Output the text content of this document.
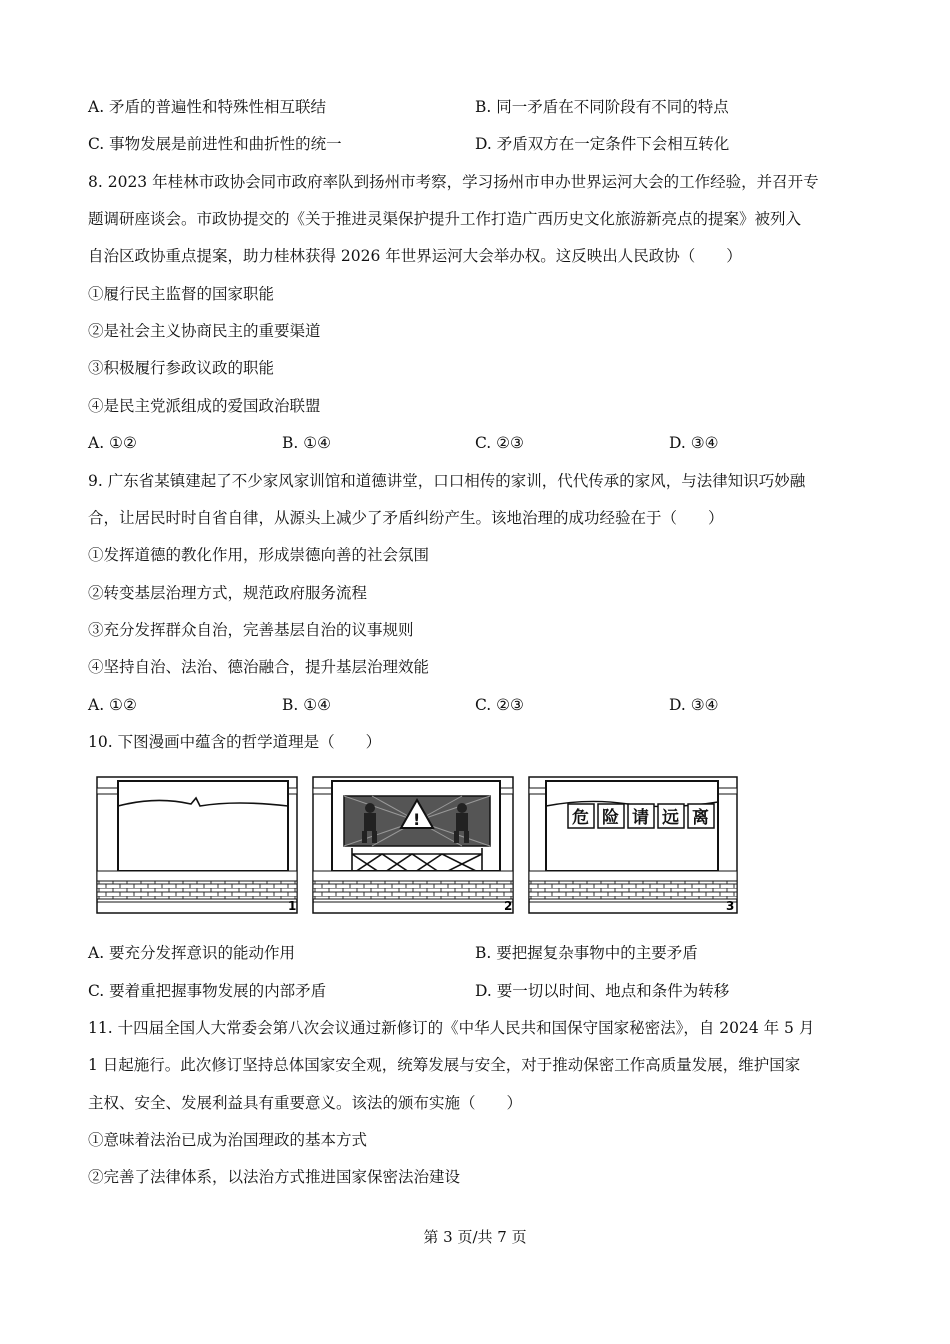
A. 矛盾的普遍性和特殊性相互联结	B. 同一矛盾在不同阶段有不同的特点
C. 事物发展是前进性和曲折性的统一	D. 矛盾双方在一定条件下会相互转化
8. 2023 年桂林市政协会同市政府率队到扬州市考察，学习扬州市申办世界运河大会的工作经验，并召开专
题调研座谈会。市政协提交的《关于推进灵渠保护提升工作打造广西历史文化旅游新亮点的提案》被列入
自治区政协重点提案，助力桂林获得 2026 年世界运河大会举办权。这反映出人民政协（　　）
①履行民主监督的国家职能
②是社会主义协商民主的重要渠道
③积极履行参政议政的职能
④是民主党派组成的爱国政治联盟
A. ①②	B. ①④	C. ②③	D. ③④
9. 广东省某镇建起了不少家风家训馆和道德讲堂，口口相传的家训，代代传承的家风，与法律知识巧妙融
合，让居民时时自省自律，从源头上减少了矛盾纠纷产生。该地治理的成功经验在于（　　）
①发挥道德的教化作用，形成崇德向善的社会氛围
②转变基层治理方式，规范政府服务流程
③充分发挥群众自治，完善基层自治的议事规则
④坚持自治、法治、德治融合，提升基层治理效能
A. ①②	B. ①④	C. ②③	D. ③④
10. 下图漫画中蕴含的哲学道理是（　　）
1
!
2
危 险 请 远 离
3
A. 要充分发挥意识的能动作用	B. 要把握复杂事物中的主要矛盾
C. 要着重把握事物发展的内部矛盾	D. 要一切以时间、地点和条件为转移
11. 十四届全国人大常委会第八次会议通过新修订的《中华人民共和国保守国家秘密法》，自 2024 年 5 月
1 日起施行。此次修订坚持总体国家安全观，统筹发展与安全，对于推动保密工作高质量发展，维护国家
主权、安全、发展利益具有重要意义。该法的颁布实施（　　）
①意味着法治已成为治国理政的基本方式
②完善了法律体系，以法治方式推进国家保密法治建设
第 3 页/共 7 页
